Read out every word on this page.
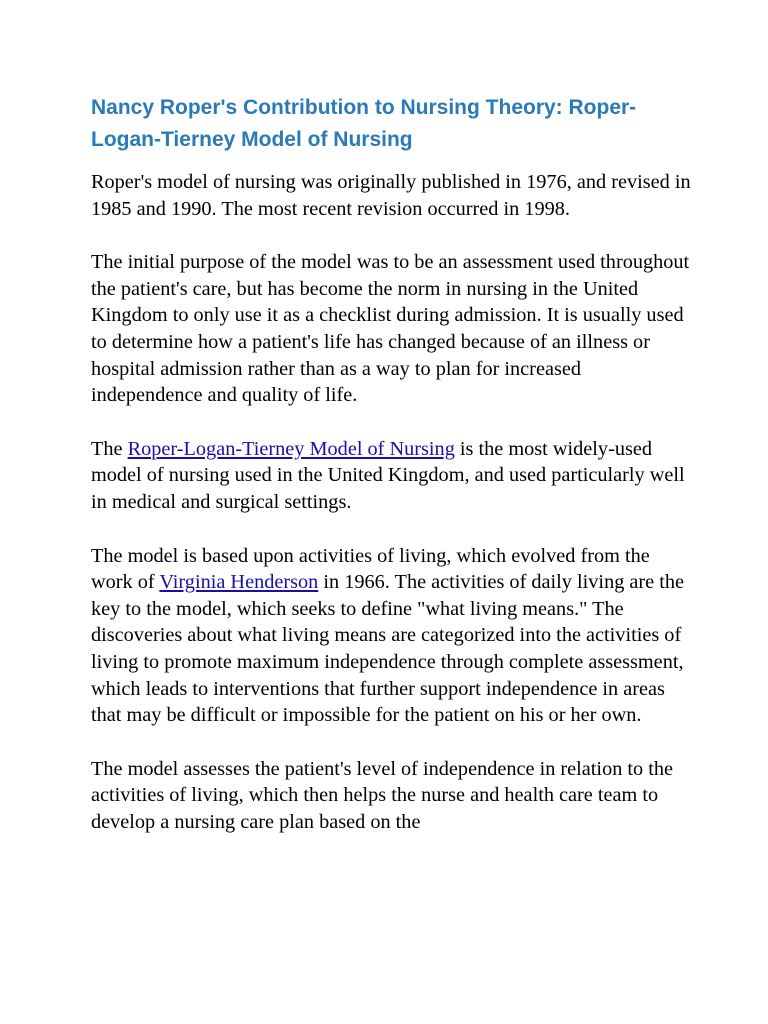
Nancy Roper's Contribution to Nursing Theory: Roper-Logan-Tierney Model of Nursing

Roper's model of nursing was originally published in 1976, and revised in 1985 and 1990. The most recent revision occurred in 1998.

The initial purpose of the model was to be an assessment used throughout the patient's care, but has become the norm in nursing in the United Kingdom to only use it as a checklist during admission. It is usually used to determine how a patient's life has changed because of an illness or hospital admission rather than as a way to plan for increased independence and quality of life.

The Roper-Logan-Tierney Model of Nursing is the most widely-used model of nursing used in the United Kingdom, and used particularly well in medical and surgical settings.

The model is based upon activities of living, which evolved from the work of Virginia Henderson in 1966. The activities of daily living are the key to the model, which seeks to define "what living means." The discoveries about what living means are categorized into the activities of living to promote maximum independence through complete assessment, which leads to interventions that further support independence in areas that may be difficult or impossible for the patient on his or her own.

The model assesses the patient's level of independence in relation to the activities of living, which then helps the nurse and health care team to develop a nursing care plan based on the
